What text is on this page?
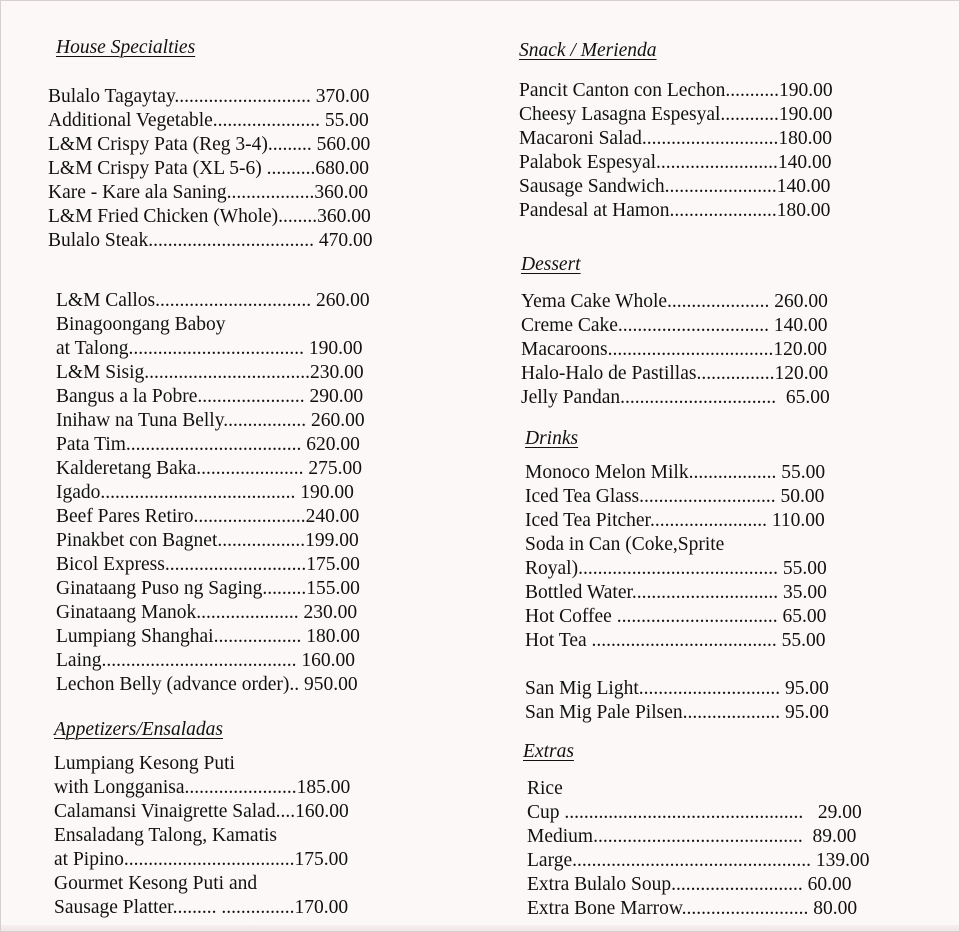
House Specialties
Bulalo Tagaytay............................ 370.00
Additional Vegetable...................... 55.00
L&M Crispy Pata (Reg 3-4)......... 560.00
L&M Crispy Pata (XL 5-6) ..........680.00
Kare - Kare ala Saning..................360.00
L&M Fried Chicken (Whole)........360.00
Bulalo Steak.................................. 470.00
L&M Callos................................ 260.00
Binagoongang Baboy
at Talong.................................... 190.00
L&M Sisig..................................230.00
Bangus a la Pobre...................... 290.00
Inihaw na Tuna Belly................. 260.00
Pata Tim.................................... 620.00
Kalderetang Baka...................... 275.00
Igado........................................ 190.00
Beef Pares Retiro.......................240.00
Pinakbet con Bagnet..................199.00
Bicol Express.............................175.00
Ginataang Puso ng Saging.........155.00
Ginataang Manok..................... 230.00
Lumpiang Shanghai.................. 180.00
Laing........................................ 160.00
Lechon Belly (advance order).. 950.00
Appetizers/Ensaladas
Lumpiang Kesong Puti
with Longganisa.......................185.00
Calamansi Vinaigrette Salad....160.00
Ensaladang Talong, Kamatis
at Pipino...................................175.00
Gourmet Kesong Puti and
Sausage Platter......... ...............170.00
Snack / Merienda
Pancit Canton con Lechon...........190.00
Cheesy Lasagna Espesyal............190.00
Macaroni Salad............................180.00
Palabok Espesyal.........................140.00
Sausage Sandwich.......................140.00
Pandesal at Hamon......................180.00
Dessert
Yema Cake Whole..................... 260.00
Creme Cake............................... 140.00
Macaroons..................................120.00
Halo-Halo de Pastillas................120.00
Jelly Pandan................................  65.00
Drinks
Monoco Melon Milk.................. 55.00
Iced Tea Glass............................ 50.00
Iced Tea Pitcher........................ 110.00
Soda in Can (Coke,Sprite
Royal)......................................... 55.00
Bottled Water.............................. 35.00
Hot Coffee ................................. 65.00
Hot Tea ...................................... 55.00
San Mig Light............................. 95.00
San Mig Pale Pilsen.................... 95.00
Extras
Rice
Cup .................................................   29.00
Medium...........................................  89.00
Large................................................. 139.00
Extra Bulalo Soup........................... 60.00
Extra Bone Marrow.......................... 80.00
